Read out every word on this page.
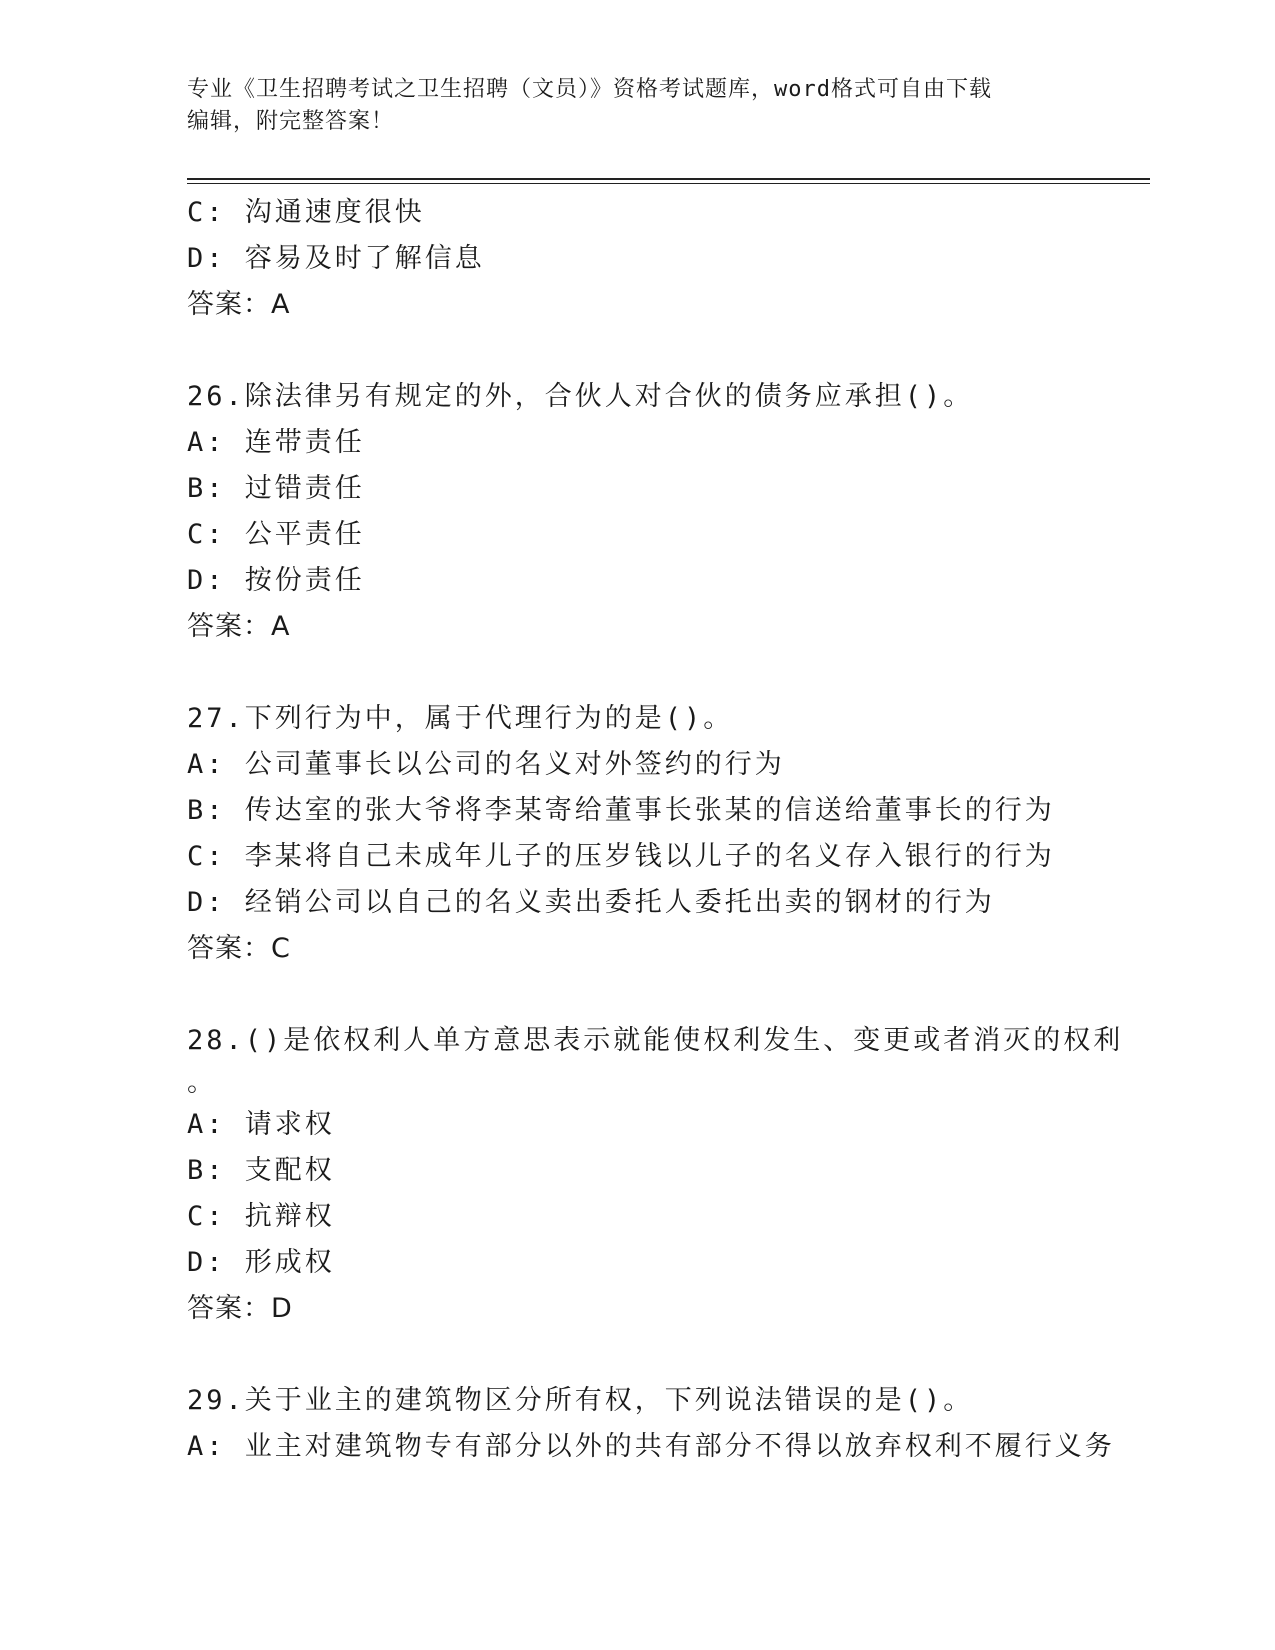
专业《卫生招聘考试之卫生招聘（文员）》资格考试题库，word格式可自由下载
编辑，附完整答案！
C: 沟通速度很快
D: 容易及时了解信息
答案：A
26.除法律另有规定的外，合伙人对合伙的债务应承担()。
A: 连带责任
B: 过错责任
C: 公平责任
D: 按份责任
答案：A
27.下列行为中，属于代理行为的是()。
A: 公司董事长以公司的名义对外签约的行为
B: 传达室的张大爷将李某寄给董事长张某的信送给董事长的行为
C: 李某将自己未成年儿子的压岁钱以儿子的名义存入银行的行为
D: 经销公司以自己的名义卖出委托人委托出卖的钢材的行为
答案：C
28.()是依权利人单方意思表示就能使权利发生、变更或者消灭的权利
。
A: 请求权
B: 支配权
C: 抗辩权
D: 形成权
答案：D
29.关于业主的建筑物区分所有权，下列说法错误的是()。
A: 业主对建筑物专有部分以外的共有部分不得以放弃权利不履行义务
